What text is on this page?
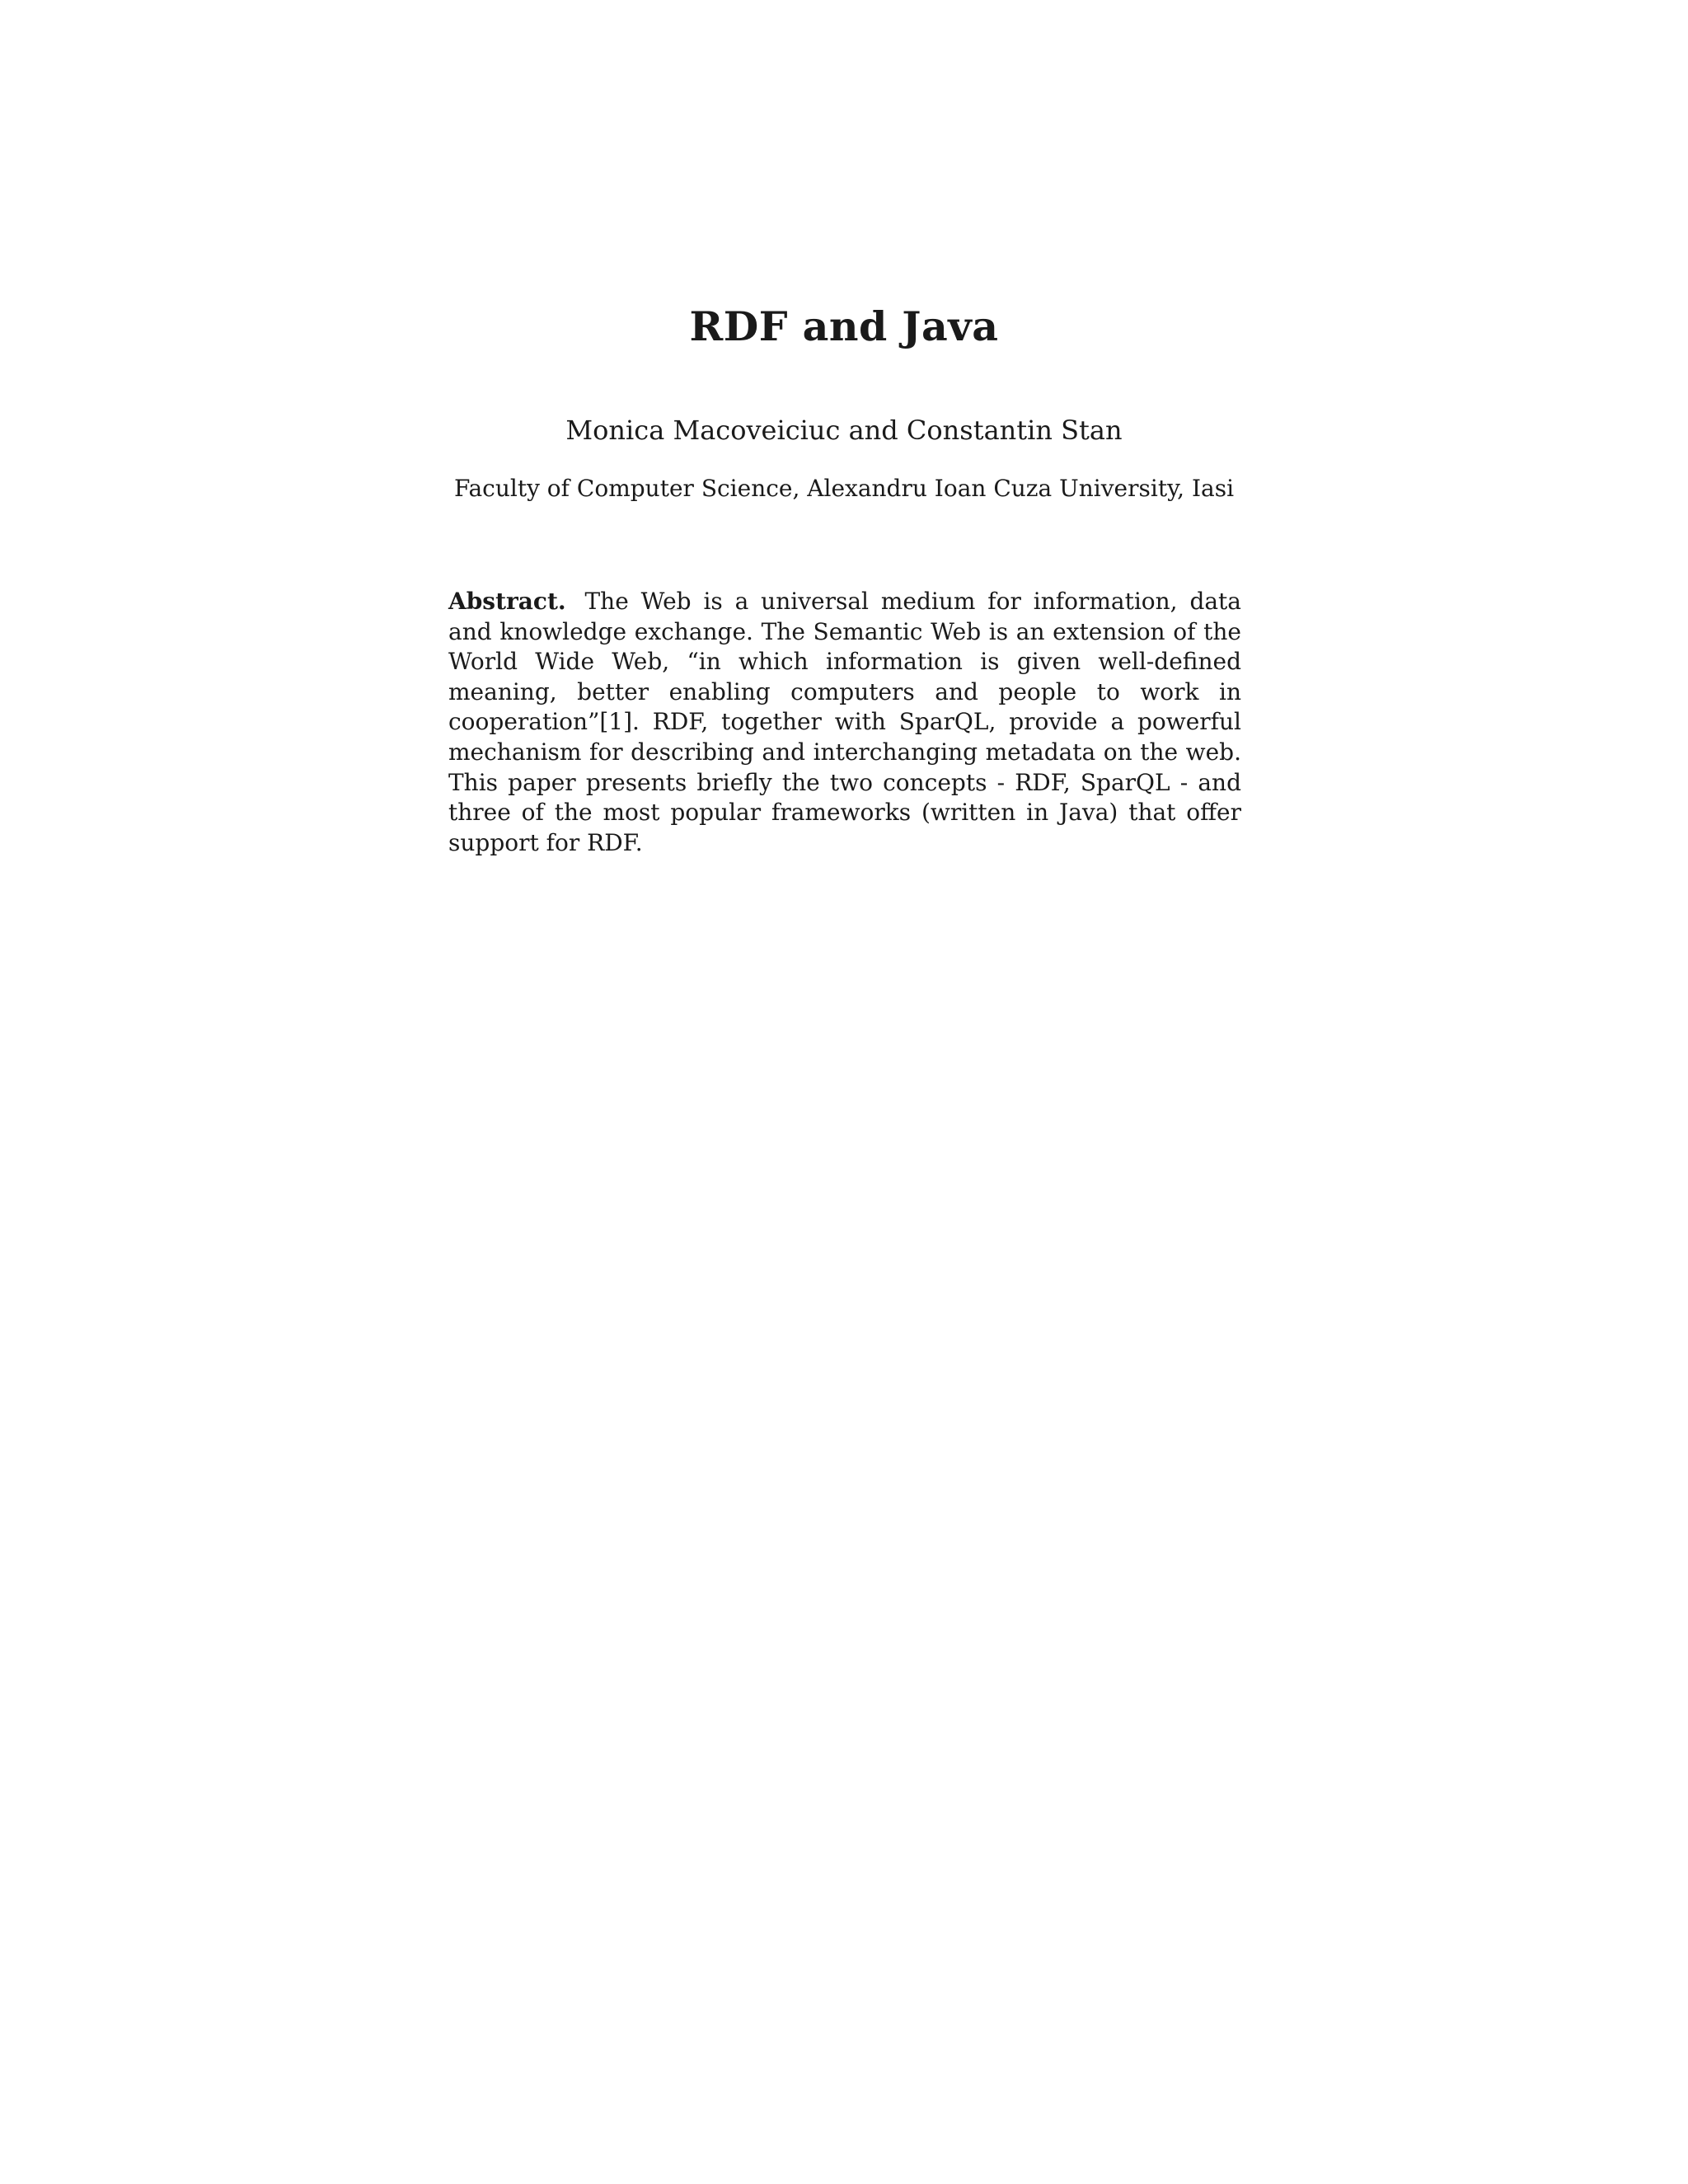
RDF and Java
Monica Macoveiciuc and Constantin Stan
Faculty of Computer Science, Alexandru Ioan Cuza University, Iasi
Abstract. The Web is a universal medium for information, data and knowledge exchange. The Semantic Web is an extension of the World Wide Web, “in which information is given well-defined meaning, better enabling computers and people to work in cooperation”[1]. RDF, together with SparQL, provide a powerful mechanism for describing and interchanging metadata on the web. This paper presents briefly the two concepts - RDF, SparQL - and three of the most popular frameworks (written in Java) that offer support for RDF.
